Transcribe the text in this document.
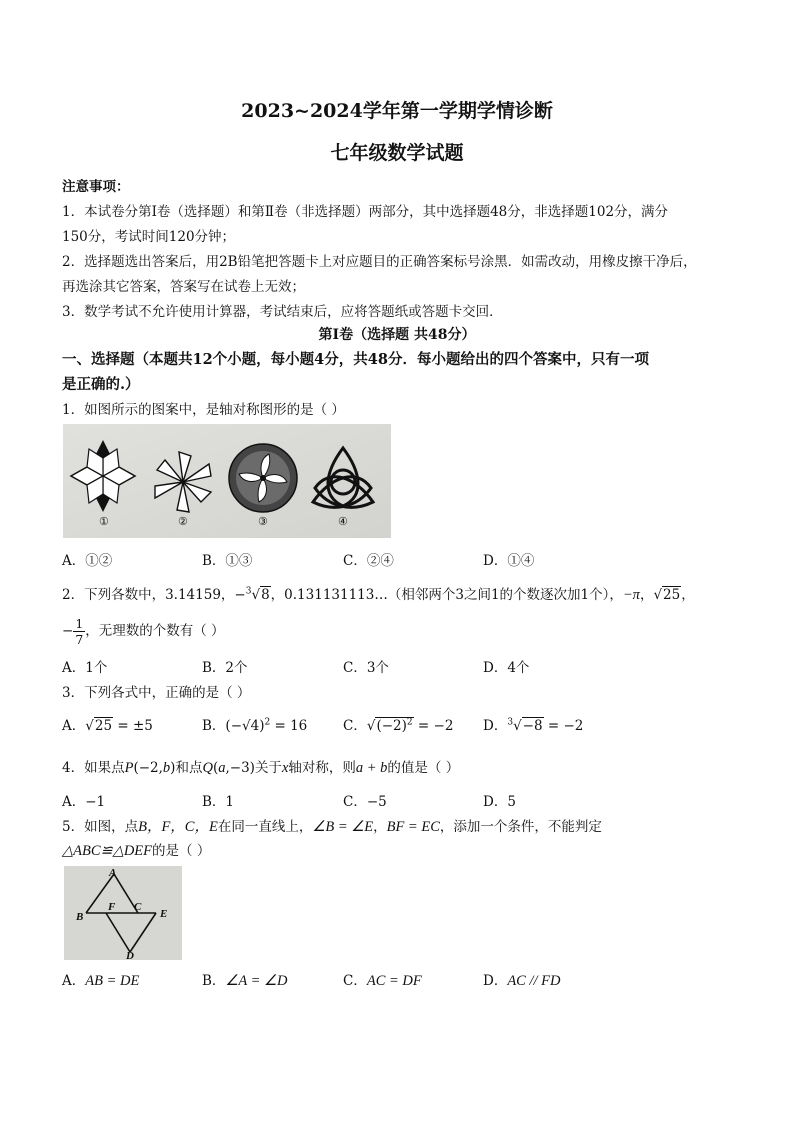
2023~2024学年第一学期学情诊断
七年级数学试题
注意事项：
1．本试卷分第Ⅰ卷（选择题）和第Ⅱ卷（非选择题）两部分，其中选择题48分，非选择题102分，满分
150分，考试时间120分钟；
2．选择题选出答案后，用2B铅笔把答题卡上对应题目的正确答案标号涂黑．如需改动，用橡皮擦干净后，
再选涂其它答案，答案写在试卷上无效；
3．数学考试不允许使用计算器，考试结束后，应将答题纸或答题卡交回．
第Ⅰ卷（选择题 共48分）
一、选择题（本题共12个小题，每小题4分，共48分．每小题给出的四个答案中，只有一项
是正确的.）
1．如图所示的图案中，是轴对称图形的是（ ）
①	②	③	④
A．①②	B．①③	C．②④	D．①④
2．下列各数中，3.14159，−$^3$√8，0.131131113…（相邻两个3之间1的个数逐次加1个），−π，√25，
− $\frac{1}{7}$，无理数的个数有（ ）
A．1个	B．2个	C．3个	D．4个
3．下列各式中，正确的是（ ）
A．√25 = ±5	B．$(-√4)^2 = 16$	C．$√(-2)^2 = -2$ D．$^3$√−8 = −2
4．如果点P(−2,b)和点Q(a,−3)关于x轴对称，则a + b的值是（ ）
A．−1	B．1	C．−5	D．5
5．如图，点B，F，C，E在同一直线上，∠B = ∠E，BF = EC，添加一个条件，不能判定
△ABC≌△DEF的是（ ）
A
B
F C
E
D
A．AB = DE	B．∠A = ∠D	C．AC = DF	D．AC // FD
